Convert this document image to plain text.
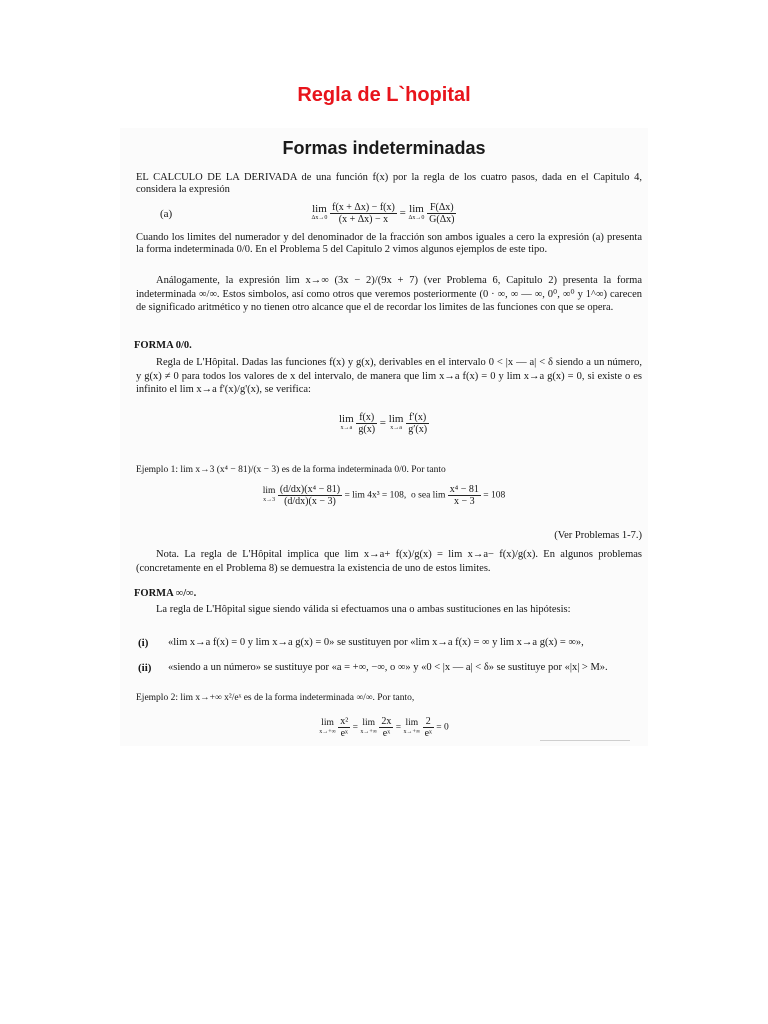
Regla de L`hopital
Formas indeterminadas
EL CALCULO DE LA DERIVADA de una función f(x) por la regla de los cuatro pasos, dada en el Capitulo 4, considera la expresión
(a)	lim
Δx→0
$\frac{f(x + \Delta x) - f(x)}{(x + \Delta x) - x} = \lim$
Δx→0
$\frac{F(\Delta x)}{G(\Delta x)}$
Cuando los limites del numerador y del denominador de la fracción son ambos iguales a cero la expresión (a) presenta la forma indeterminada 0/0. En el Problema 5 del Capitulo 2 vimos algunos ejemplos de este tipo.
Análogamente, la expresión lim x→∞ (3x − 2)/(9x + 7) (ver Problema 6, Capitulo 2) presenta la forma indeterminada ∞/∞. Estos simbolos, así como otros que veremos posteriormente (0 · ∞, ∞ — ∞, 0⁰, ∞⁰ y 1^∞) carecen de significado aritmético y no tienen otro alcance que el de recordar los limites de las funciones con que se opera.
FORMA 0/0.
Regla de L'Hôpital. Dadas las funciones f(x) y g(x), derivables en el intervalo 0 < |x — a| < δ siendo a un número, y g(x) ≠ 0 para todos los valores de x del intervalo, de manera que lim x→a f(x) = 0 y lim x→a g(x) = 0, si existe o es infinito el lim x→a f'(x)/g'(x), se verifica:
lim
x→a
$\frac{f(x)}{g(x)} = \lim$
x→a
$\frac{f'(x)}{g'(x)}$
Ejemplo 1: lim x→3 (x⁴ − 81)/(x − 3) es de la forma indeterminada 0/0. Por tanto
lim
x→3
$\frac{\text{(d/dx)(x⁴ − 81)}}{(d/dx)(x - 3)} = \lim 4x^3 = 108$,  o sea $\lim \frac{\text{x⁴ − 81}}{x - 3} = 108$
(Ver Problemas 1-7.)
Nota. La regla de L'Hôpital implica que lim x→a+ f(x)/g(x) = lim x→a− f(x)/g(x). En algunos problemas (concretamente en el Problema 8) se demuestra la existencia de uno de estos limites.
FORMA ∞/∞.
La regla de L'Hôpital sigue siendo válida si efectuamos una o ambas sustituciones en las hipótesis:
(i) «lim x→a f(x) = 0 y lim x→a g(x) = 0» se sustituyen por «lim x→a f(x) = ∞ y lim x→a g(x) = ∞»,
(ii) «siendo a un número» se sustituye por «a = +∞, −∞, o ∞» y «0 < |x — a| < δ» se sustituye por «|x| > M».
Ejemplo 2: lim x→+∞ x²/eˣ es de la forma indeterminada ∞/∞. Por tanto,
lim
x→+∞
$\frac{\text{x²}}{\text{eˣ}} = \lim$
x→+∞
$\frac{2x}{\text{eˣ}} = \lim$
x→+∞
$\frac{2}{\text{eˣ}} = 0$
